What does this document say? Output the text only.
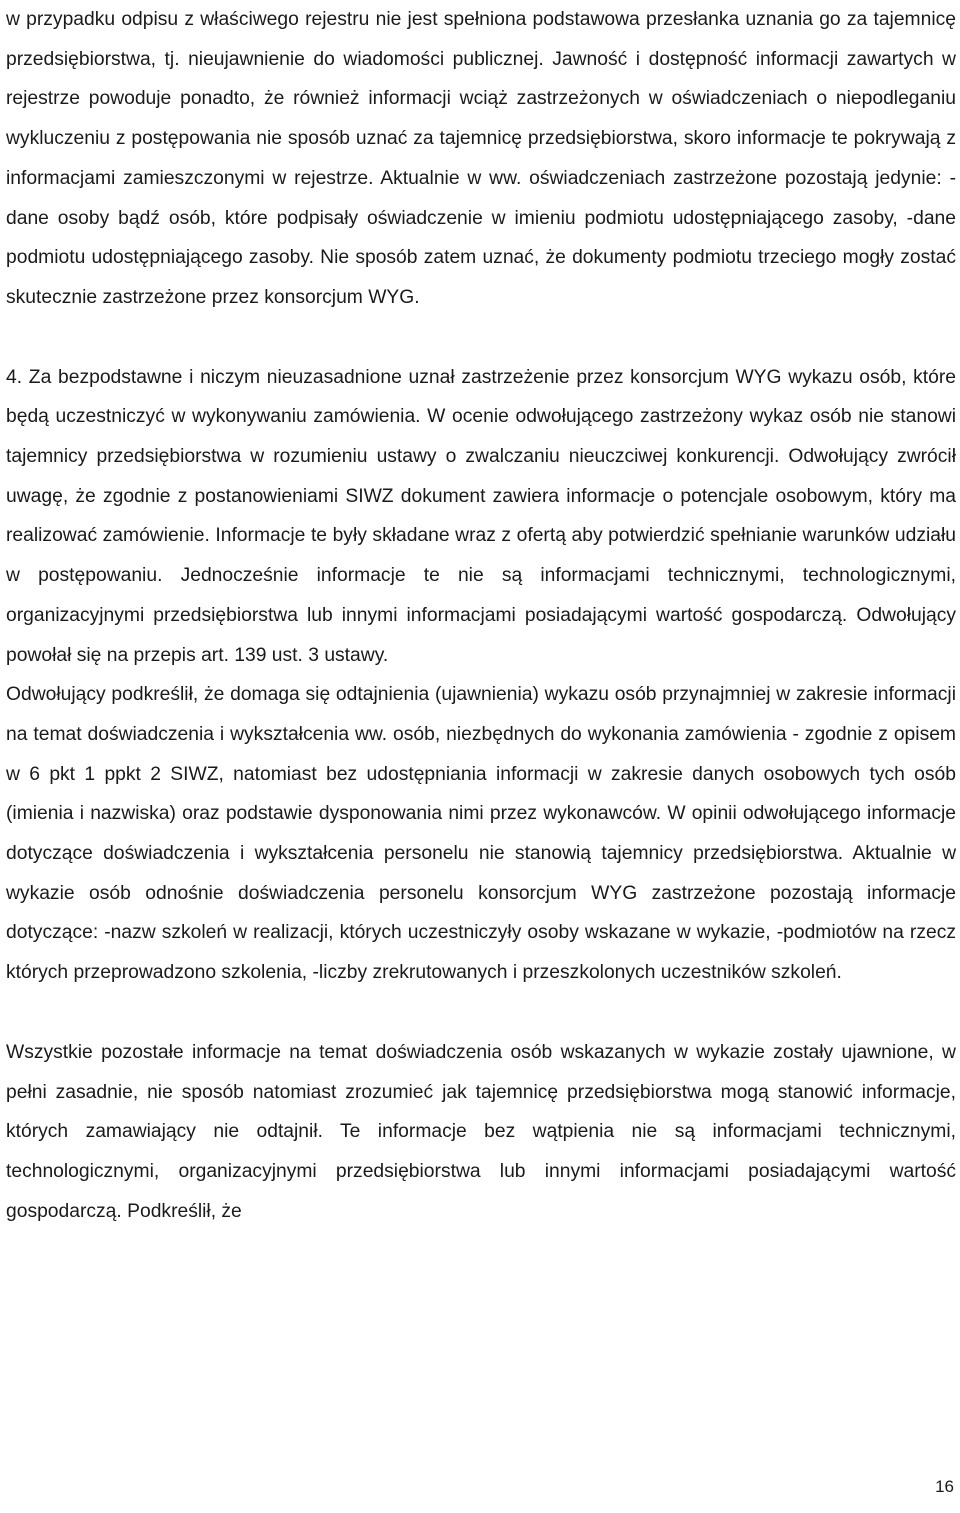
w przypadku odpisu z właściwego rejestru nie jest spełniona podstawowa przesłanka uznania go za tajemnicę przedsiębiorstwa, tj. nieujawnienie do wiadomości publicznej. Jawność i dostępność informacji zawartych w rejestrze powoduje ponadto, że również informacji wciąż zastrzeżonych w oświadczeniach o niepodleganiu wykluczeniu z postępowania nie sposób uznać za tajemnicę przedsiębiorstwa, skoro informacje te pokrywają z informacjami zamieszczonymi w rejestrze. Aktualnie w ww. oświadczeniach zastrzeżone pozostają jedynie: -dane osoby bądź osób, które podpisały oświadczenie w imieniu podmiotu udostępniającego zasoby, -dane podmiotu udostępniającego zasoby. Nie sposób zatem uznać, że dokumenty podmiotu trzeciego mogły zostać skutecznie zastrzeżone przez konsorcjum WYG.

4. Za bezpodstawne i niczym nieuzasadnione uznał zastrzeżenie przez konsorcjum WYG wykazu osób, które będą uczestniczyć w wykonywaniu zamówienia. W ocenie odwołującego zastrzeżony wykaz osób nie stanowi tajemnicy przedsiębiorstwa w rozumieniu ustawy o zwalczaniu nieuczciwej konkurencji. Odwołujący zwrócił uwagę, że zgodnie z postanowieniami SIWZ dokument zawiera informacje o potencjale osobowym, który ma realizować zamówienie. Informacje te były składane wraz z ofertą aby potwierdzić spełnianie warunków udziału w postępowaniu. Jednocześnie informacje te nie są informacjami technicznymi, technologicznymi, organizacyjnymi przedsiębiorstwa lub innymi informacjami posiadającymi wartość gospodarczą. Odwołujący powołał się na przepis art. 139 ust. 3 ustawy.

Odwołujący podkreślił, że domaga się odtajnienia (ujawnienia) wykazu osób przynajmniej w zakresie informacji na temat doświadczenia i wykształcenia ww. osób, niezbędnych do wykonania zamówienia - zgodnie z opisem w 6 pkt 1 ppkt 2 SIWZ, natomiast bez udostępniania informacji w zakresie danych osobowych tych osób (imienia i nazwiska) oraz podstawie dysponowania nimi przez wykonawców. W opinii odwołującego informacje dotyczące doświadczenia i wykształcenia personelu nie stanowią tajemnicy przedsiębiorstwa. Aktualnie w wykazie osób odnośnie doświadczenia personelu konsorcjum WYG zastrzeżone pozostają informacje dotyczące: -nazw szkoleń w realizacji, których uczestniczyły osoby wskazane w wykazie, -podmiotów na rzecz których przeprowadzono szkolenia, -liczby zrekrutowanych i przeszkolonych uczestników szkoleń.

Wszystkie pozostałe informacje na temat doświadczenia osób wskazanych w wykazie zostały ujawnione, w pełni zasadnie, nie sposób natomiast zrozumieć jak tajemnicę przedsiębiorstwa mogą stanowić informacje, których zamawiający nie odtajnił. Te informacje bez wątpienia nie są informacjami technicznymi, technologicznymi, organizacyjnymi przedsiębiorstwa lub innymi informacjami posiadającymi wartość gospodarczą. Podkreślił, że

16
